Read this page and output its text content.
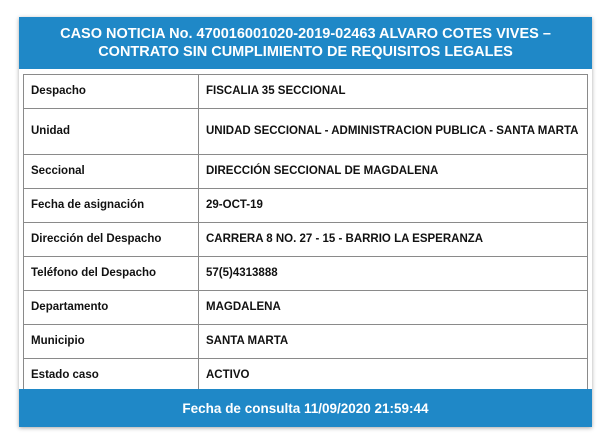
CASO NOTICIA No. 470016001020-2019-02463 ALVARO COTES VIVES – CONTRATO SIN CUMPLIMIENTO DE REQUISITOS LEGALES
Despacho	FISCALIA 35 SECCIONAL
Unidad	UNIDAD SECCIONAL - ADMINISTRACION PUBLICA - SANTA MARTA
Seccional	DIRECCIÓN SECCIONAL DE MAGDALENA
Fecha de asignación	29-OCT-19
Dirección del Despacho	CARRERA 8 NO. 27 - 15 - BARRIO LA ESPERANZA
Teléfono del Despacho	57(5)4313888
Departamento	MAGDALENA
Municipio	SANTA MARTA
Estado caso	ACTIVO
Fecha de consulta 11/09/2020 21:59:44
